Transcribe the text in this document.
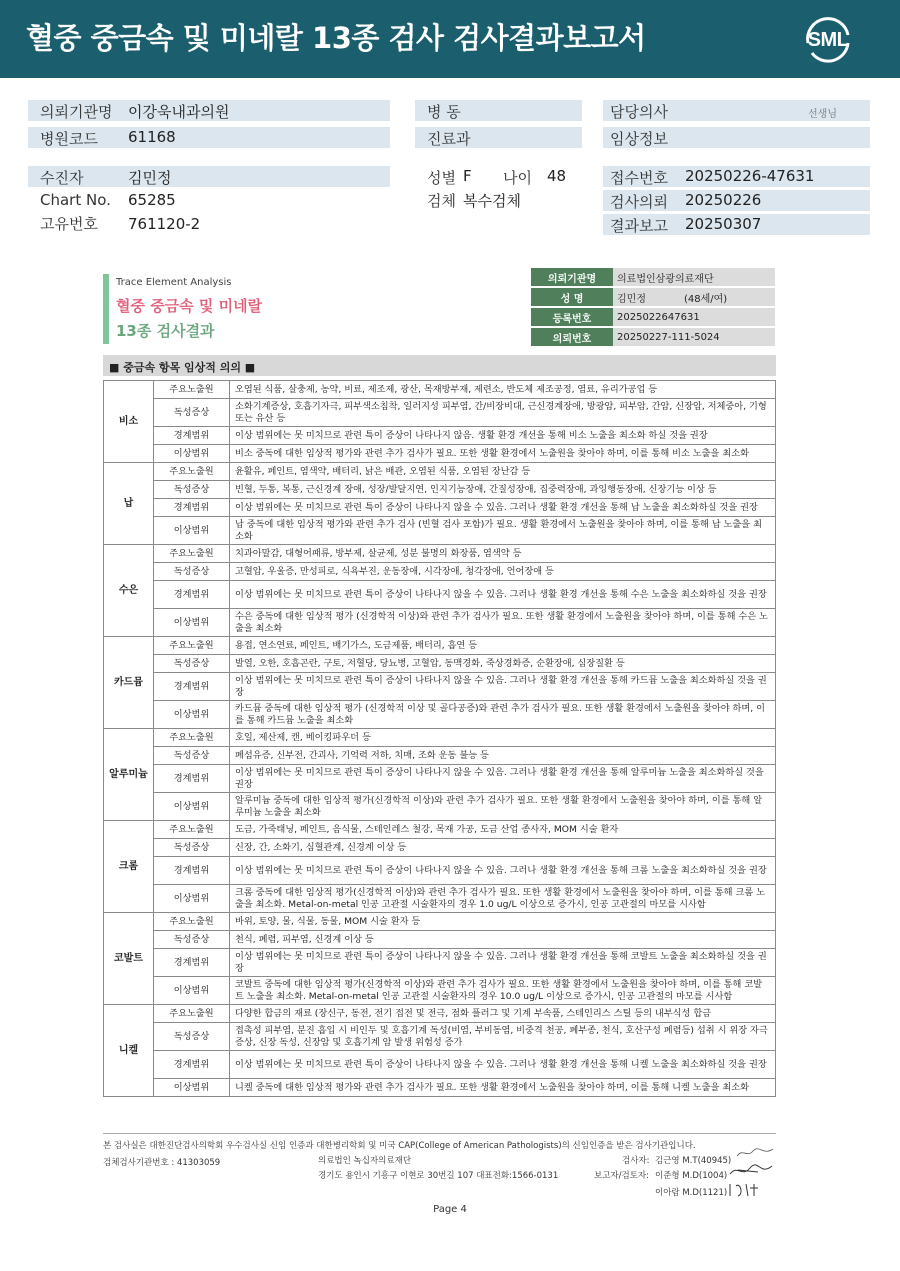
혈중 중금속 및 미네랄 13종 검사 검사결과보고서	SML
의뢰기관명 이강욱내과의원
병원코드 61168
병 동
진료과
담당의사	선생님
임상정보
수진자	김민정
Chart No. 65285
고유번호 761120-2
성별 F 나이 48
검체 복수검체
접수번호 20250226-47631
검사의뢰 20250226
결과보고 20250307
Trace Element Analysis
혈중 중금속 및 미네랄
13종 검사결과
의뢰기관명	의료법인삼광의료재단
성 명	김민정 (48세/여)
등록번호	2025022647631
의뢰번호	20250227-111-5024
■ 중금속 항목 임상적 의의 ■
비소	주요노출원	오염된 식품, 살충제, 농약, 비료, 제조제, 광산, 목재방부재, 제련소, 반도체 제조공정, 염료, 유리가공업 등
	독성증상	소화기계증상, 호흡기자극, 피부색소침착, 일러지성 피부염, 간/비장비대, 근신경계장애, 방광암, 피부암, 간암, 신장암, 저체중아, 기형 또는 유산 등
	경계범위	이상 범위에는 못 미치므로 관련 특이 증상이 나타나지 않음. 생활 환경 개선을 통해 비소 노출을 최소화 하실 것을 권장
	이상범위	비소 중독에 대한 임상적 평가와 관련 추가 검사가 필요. 또한 생활 환경에서 노출원을 찾아야 하며, 이를 통해 비소 노출을 최소화
납	주요노출원	윤활유, 페인트, 염색약, 배터리, 낡은 배관, 오염된 식품, 오염된 장난감 등
	독성증상	빈혈, 두통, 복통, 근신경계 장애, 성장/발달지연, 인지기능장애, 간질성장애, 집중력장애, 과잉행동장애, 신장기능 이상 등
	경계범위	이상 범위에는 못 미치므로 관련 특이 증상이 나타나지 않을 수 있음. 그러나 생활 환경 개선을 통해 납 노출을 최소화하실 것을 권장
	이상범위	납 중독에 대한 임상적 평가와 관련 추가 검사 (빈혈 검사 포함)가 필요. 생활 환경에서 노출원을 찾아야 하며, 이를 통해 납 노출을 최소화
수은	주요노출원	치과아말감, 대형어패류, 방부제, 살균제, 성분 불명의 화장품, 염색약 등
	독성증상	고혈압, 우울증, 만성피로, 식욕부진, 운동장애, 시각장애, 청각장애, 언어장애 등
	경계범위	이상 범위에는 못 미치므로 관련 특이 증상이 나타나지 않을 수 있음. 그러나 생활 환경 개선을 통해 수은 노출을 최소화하실 것을 권장
	이상범위	수은 중독에 대한 임상적 평가 (신경학적 이상)와 관련 추가 검사가 필요. 또한 생활 환경에서 노출원을 찾아야 하며, 이를 통해 수은 노출을 최소화
카드뮴	주요노출원	용접, 연소연료, 페인트, 배기가스, 도금제품, 배터리, 흡연 등
	독성증상	발열, 오한, 호흡곤란, 구토, 저혈당, 당뇨병, 고혈압, 동맥경화, 죽상경화증, 순환장애, 심장질환 등
	경계범위	이상 범위에는 못 미치므로 관련 특이 증상이 나타나지 않을 수 있음. 그러나 생활 환경 개선을 통해 카드뮴 노출을 최소화하실 것을 권장
	이상범위	카드뮴 중독에 대한 임상적 평가 (신경학적 이상 및 골다공증)와 관련 추가 검사가 필요. 또한 생활 환경에서 노출원을 찾아야 하며, 이를 통해 카드뮴 노출을 최소화
알루미늄	주요노출원	호일, 제산제, 캔, 베이킹파우더 등
	독성증상	폐섬유증, 신부전, 간괴사, 기억력 저하, 치매, 조화 운동 불능 등
	경계범위	이상 범위에는 못 미치므로 관련 특이 증상이 나타나지 않을 수 있음. 그러나 생활 환경 개선을 통해 알루미늄 노출을 최소화하실 것을 권장
	이상범위	알루미늄 중독에 대한 임상적 평가(신경학적 이상)와 관련 추가 검사가 필요. 또한 생활 환경에서 노출원을 찾아야 하며, 이를 통해 알루미늄 노출을 최소화
크롬	주요노출원	도금, 가죽태닝, 페인트, 음식물, 스테인레스 철강, 목재 가공, 도금 산업 종사자, MOM 시술 환자
	독성증상	신장, 간, 소화기, 심혈관계, 신경계 이상 등
	경계범위	이상 범위에는 못 미치므로 관련 특이 증상이 나타나지 않을 수 있음. 그러나 생활 환경 개선을 통해 크롬 노출을 최소화하실 것을 권장
	이상범위	크롬 중독에 대한 임상적 평가(신경학적 이상)와 관련 추가 검사가 필요. 또한 생활 환경에서 노출원을 찾아야 하며, 이를 통해 크롬 노출을 최소화. Metal-on-metal 인공 고관절 시술환자의 경우 1.0 ug/L 이상으로 증가시, 인공 고관절의 마모를 시사함
코발트	주요노출원	바위, 토양, 물, 식물, 동물, MOM 시술 환자 등
	독성증상	천식, 폐렴, 피부염, 신경계 이상 등
	경계범위	이상 범위에는 못 미치므로 관련 특이 증상이 나타나지 않을 수 있음. 그러나 생활 환경 개선을 통해 코발트 노출을 최소화하실 것을 권장
	이상범위	코발트 중독에 대한 임상적 평가(신경학적 이상)와 관련 추가 검사가 필요. 또한 생활 환경에서 노출원을 찾아야 하며, 이를 통해 코발트 노출을 최소화. Metal-on-metal 인공 고관절 시술환자의 경우 10.0 ug/L 이상으로 증가시, 인공 고관절의 마모를 시사함
니켈	주요노출원	다양한 합금의 재료 (장신구, 동전, 전기 접전 및 전극, 점화 플러그 및 기계 부속품, 스테인리스 스틸 등의 내부식성 합금
	독성증상	접촉성 피부염, 분진 흡입 시 비인두 및 호흡기계 독성(비염, 부비동염, 비중격 천공, 폐부종, 천식, 호산구성 폐렴등) 섭취 시 위장 자극 증상, 신장 독성, 신장암 및 호흡기계 암 발생 위험성 증가
	경계범위	이상 범위에는 못 미치므로 관련 특이 증상이 나타나지 않을 수 있음. 그러나 생활 환경 개선을 통해 니켈 노출을 최소화하실 것을 권장
	이상범위	니켈 중독에 대한 임상적 평가와 관련 추가 검사가 필요. 또한 생활 환경에서 노출원을 찾아야 하며, 이를 통해 니켈 노출을 최소화
본 검사실은 대한진단검사의학회 우수검사실 신임 인증과 대한병리학회 및 미국 CAP(College of American Pathologists)의 신임인증을 받은 검사기관입니다.
검체검사기관번호 : 41303059	의료법인 녹십자의료재단
경기도 용인시 기흥구 이현로 30번길 107 대표전화:1566-0131
검사자: 김근영 M.T(40945)
보고자/검토자: 이준형 M.D(1004)
이아람 M.D(1121)
Page 4
